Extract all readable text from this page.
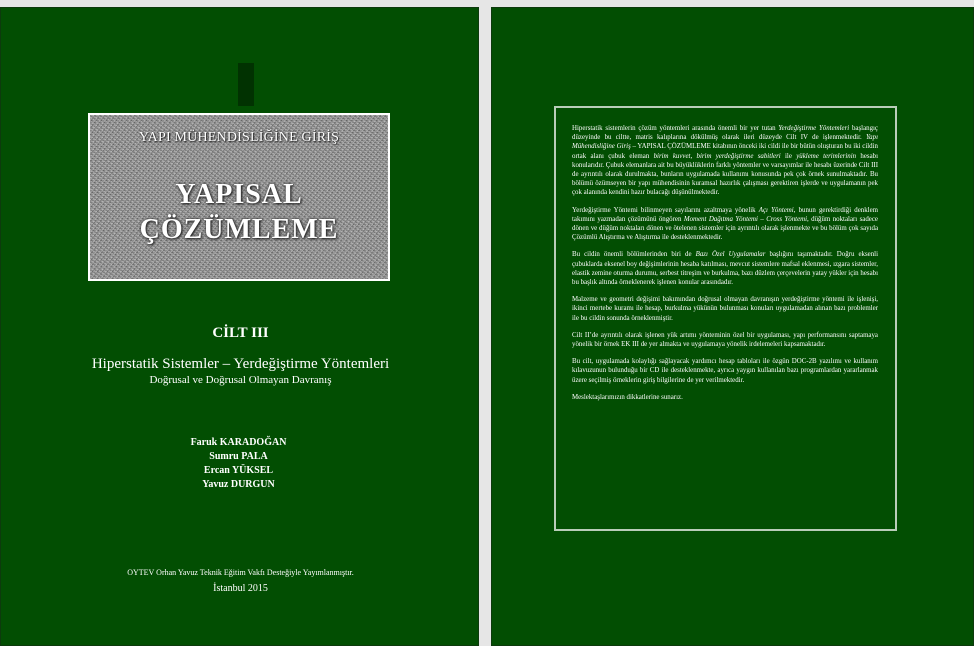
YAPI MÜHENDİSLİĞİNE GİRİŞ
YAPISAL
ÇÖZÜMLEME
CİLT III
Hiperstatik Sistemler – Yerdeğiştirme Yöntemleri
Doğrusal ve Doğrusal Olmayan Davranış
Faruk KARADOĞAN
Sumru PALA
Ercan YÜKSEL
Yavuz DURGUN
OYTEV Orhan Yavuz Teknik Eğitim Vakfı Desteğiyle Yayımlanmıştır.
İstanbul 2015

Hiperstatik sistemlerin çözüm yöntemleri arasında önemli bir yer tutan Yerdeğiştirme Yöntemleri başlangıç düzeyinde bu ciltte, matris kalıplarına dökülmüş olarak ileri düzeyde Cilt IV de işlenmektedir. Yapı Mühendisliğine Giriş – YAPISAL ÇÖZÜMLEME kitabının önceki iki cildi ile bir bütün oluşturan bu iki cildin ortak alanı çubuk eleman birim kuvvet, birim yerdeğiştirme sabitleri ile yükleme terimlerinin hesabı konularıdır. Çubuk elemanlara ait bu büyüklüklerin farklı yöntemler ve varsayımlar ile hesabı üzerinde Cilt III de ayrıntılı olarak durulmakta, bunların uygulamada kullanımı konusunda pek çok örnek sunulmaktadır. Bu bölümü özümseyen bir yapı mühendisinin kuramsal hazırlık çalışması gerektiren işlerde ve uygulamanın pek çok alanında kendini hazır bulacağı düşünülmektedir.

Yerdeğiştirme Yöntemi bilinmeyen sayılarını azaltmaya yönelik Açı Yöntemi, bunun gerektirdiği denklem takımını yazmadan çözümünü öngören Moment Dağıtma Yöntemi – Cross Yöntemi, düğüm noktaları sadece dönen ve düğüm noktaları dönen ve ötelenen sistemler için ayrıntılı olarak işlenmekte ve bu bölüm çok sayıda Çözümlü Alıştırma ve Alıştırma ile desteklenmektedir.

Bu cildin önemli bölümlerinden biri de Bazı Özel Uygulamalar başlığını taşımaktadır. Doğru eksenli çubuklarda eksenel boy değişimlerinin hesaba katılması, mevcut sistemlere mafsal eklenmesi, ızgara sistemler, elastik zemine oturma durumu, serbest titreşim ve burkulma, bazı düzlem çerçevelerin yatay yükler için hesabı bu başlık altında örneklenerek işlenen konular arasındadır.

Malzeme ve geometri değişimi bakımından doğrusal olmayan davranışın yerdeğiştirme yöntemi ile işlenişi, ikinci mertebe kuramı ile hesap, burkulma yükünün bulunması konuları uygulamadan alınan bazı problemler ile bu cildin sonunda örneklenmiştir.

Cilt II’de ayrıntılı olarak işlenen yük artımı yönteminin özel bir uygulaması, yapı performansını saptamaya yönelik bir örnek EK III de yer almakta ve uygulamaya yönelik irdelemeleri kapsamaktadır.

Bu cilt, uygulamada kolaylığı sağlayacak yardımcı hesap tabloları ile özgün DOC-2B yazılımı ve kullanım kılavuzunun bulunduğu bir CD ile desteklenmekte, ayrıca yaygın kullanılan bazı programlardan yararlanmak üzere seçilmiş örneklerin giriş bilgilerine de yer verilmektedir.

Meslektaşlarımızın dikkatlerine sunarız.
